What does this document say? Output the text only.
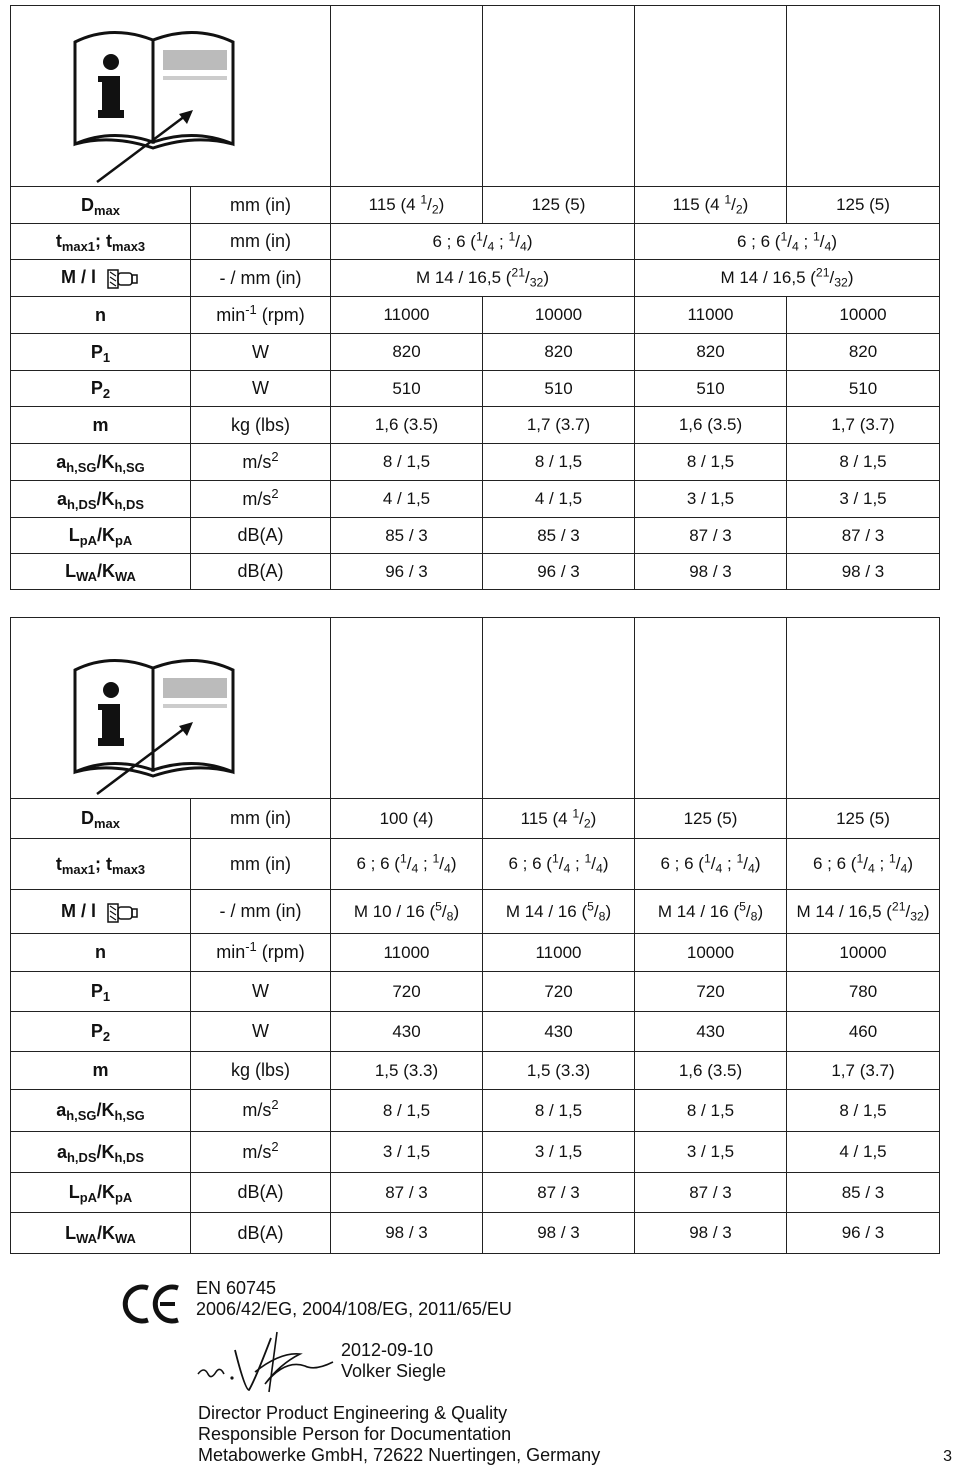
$D_{max}$	mm (in)	115 (4 $^1/_2$)	125 (5)	115 (4 $^1/_2$)	125 (5)
$t_{max1}$; $t_{max3}$	mm (in)	6 ; 6 ($^1/_4$ ; $^1/_4$)		6 ; 6 ($^1/_4$ ; $^1/_4$)	
M / l	- / mm (in)	M 14 / 16,5 $(^{21}/_{32})$		M 14 / 16,5 $(^{21}/_{32})$	
n	$\min^{-1} (rpm)$	11000	10000	11000	10000
$P_1$	W	820	820	820	820
$P_2$	W	510	510	510	510
m	kg (lbs)	1,6 (3.5)	1,7 (3.7)	1,6 (3.5)	1,7 (3.7)
$a_{h,SG}/K_{h,SG}$	$m/s^2$	8 / 1,5	8 / 1,5	8 / 1,5	8 / 1,5
$a_{h,DS}/K_{h,DS}$	$m/s^2$	4 / 1,5	4 / 1,5	3 / 1,5	3 / 1,5
$L_{pA}/K_{pA}$	dB(A)	85 / 3	85 / 3	87 / 3	87 / 3
$L_{WA}/K_{WA}$	dB(A)	96 / 3	96 / 3	98 / 3	98 / 3

$D_{max}$	mm (in)	100 (4)	115 (4 $^1/_2$)	125 (5)	125 (5)
$t_{max1}$; $t_{max3}$	mm (in)	6 ; 6 ($^1/_4$ ; $^1/_4$)	6 ; 6 ($^1/_4$ ; $^1/_4$)	6 ; 6 ($^1/_4$ ; $^1/_4$)	6 ; 6 ($^1/_4$ ; $^1/_4$)
M / l	- / mm (in)	M 10 / 16 $(^5/_8)$	M 14 / 16 $(^5/_8)$	M 14 / 16 $(^5/_8)$	M 14 / 16,5 $(^{21}/_{32})$
n	$\min^{-1} (rpm)$	11000	11000	10000	10000
$P_1$	W	720	720	720	780
$P_2$	W	430	430	430	460
m	kg (lbs)	1,5 (3.3)	1,5 (3.3)	1,6 (3.5)	1,7 (3.7)
$a_{h,SG}/K_{h,SG}$	$m/s^2$	8 / 1,5	8 / 1,5	8 / 1,5	8 / 1,5
$a_{h,DS}/K_{h,DS}$	$m/s^2$	3 / 1,5	3 / 1,5	3 / 1,5	4 / 1,5
$L_{pA}/K_{pA}$	dB(A)	87 / 3	87 / 3	87 / 3	85 / 3
$L_{WA}/K_{WA}$	dB(A)	98 / 3	98 / 3	98 / 3	96 / 3
EN 60745
2006/42/EG, 2004/108/EG, 2011/65/EU
2012-09-10
Volker Siegle
Director Product Engineering & Quality
Responsible Person for Documentation
Metabowerke GmbH, 72622 Nuertingen, Germany	3
